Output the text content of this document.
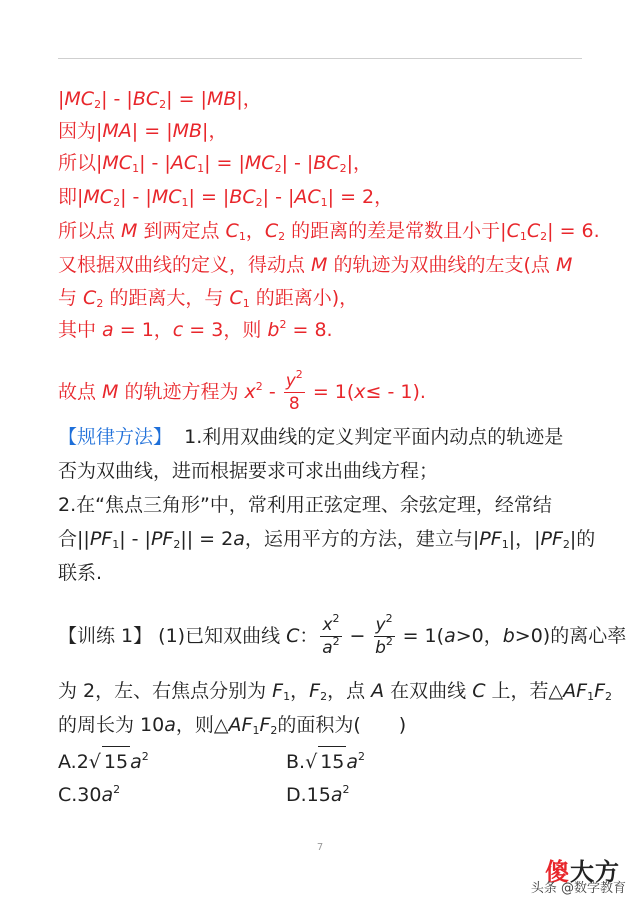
$|MC_2| - |BC_2| = |MB|$，
因为|MA| = |MB|，
所以$|MC_1| - |AC_1| = |MC_2| - |BC_2|$，
即$|MC_2| - |MC_1| = |BC_2| - |AC_1| = 2$，
所以点 M 到两定点 $C_1$，$C_2$ 的距离的差是常数且小于$|C_1C_2| = 6$.
又根据双曲线的定义，得动点 M 的轨迹为双曲线的左支(点 M
与 $C_2$ 的距离大，与 $C_1$ 的距离小)，
其中 a = 1，c = 3，则 $b^2 = 8$.
故点 M 的轨迹方程为 $x^2 - \frac{y^2}{8} = 1(x\le - 1)$.
【规律方法】 1.利用双曲线的定义判定平面内动点的轨迹是
否为双曲线，进而根据要求可求出曲线方程；
2.在“焦点三角形”中，常利用正弦定理、余弦定理，经常结
合$||PF_1| - |PF_2|| = 2a$，运用平方的方法，建立与$|PF_1|$，$|PF_2|$的
联系.
【训练 1】 (1)已知双曲线 C： $\frac{x^2}{a^2} - \frac{y^2}{b^2} = 1(a>0$，b>0)的离心率
为 2，左、右焦点分别为 $F_1$，$F_2$，点 A 在双曲线 C 上，若$\triangle AF_1F_2$
的周长为 10a，则$\triangle AF_1F_2$的面积为(　　)
A.2√ 15 $a^2$	B.√ 15 $a^2$
$C.30a^2$	$D.15a^2$
7
傻大方
头条 @数学教育
